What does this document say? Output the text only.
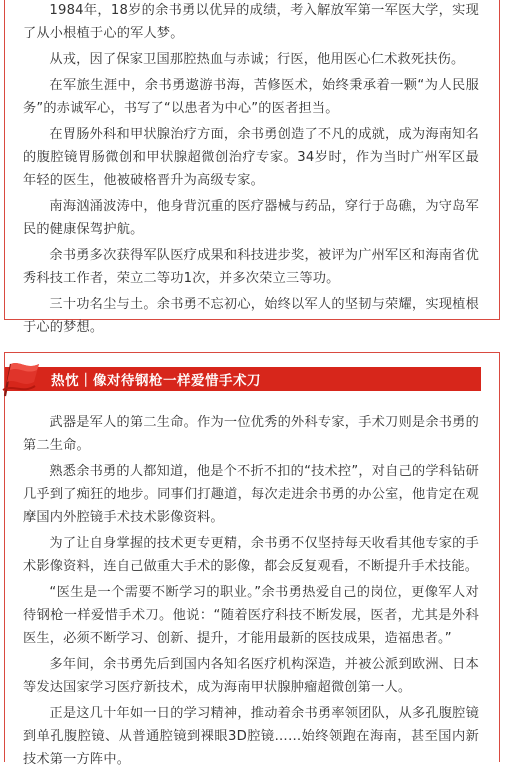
1984年，18岁的余书勇以优异的成绩，考入解放军第一军医大学，实现了从小根植于心的军人梦。

从戎，因了保家卫国那腔热血与赤诚；行医，他用医心仁术救死扶伤。

在军旅生涯中，余书勇遨游书海，苦修医术，始终秉承着一颗“为人民服务”的赤诚军心，书写了“以患者为中心”的医者担当。

在胃肠外科和甲状腺治疗方面，余书勇创造了不凡的成就，成为海南知名的腹腔镜胃肠微创和甲状腺超微创治疗专家。34岁时，作为当时广州军区最年轻的医生，他被破格晋升为高级专家。

南海汹涌波涛中，他身背沉重的医疗器械与药品，穿行于岛礁，为守岛军民的健康保驾护航。

余书勇多次获得军队医疗成果和科技进步奖，被评为广州军区和海南省优秀科技工作者，荣立二等功1次，并多次荣立三等功。

三十功名尘与土。余书勇不忘初心，始终以军人的坚韧与荣耀，实现植根于心的梦想。

热忱｜像对待钢枪一样爱惜手术刀

武器是军人的第二生命。作为一位优秀的外科专家，手术刀则是余书勇的第二生命。

熟悉余书勇的人都知道，他是个不折不扣的“技术控”，对自己的学科钻研几乎到了痴狂的地步。同事们打趣道，每次走进余书勇的办公室，他肯定在观摩国内外腔镜手术技术影像资料。

为了让自身掌握的技术更专更精，余书勇不仅坚持每天收看其他专家的手术影像资料，连自己做重大手术的影像，都会反复观看，不断提升手术技能。

“医生是一个需要不断学习的职业。”余书勇热爱自己的岗位，更像军人对待钢枪一样爱惜手术刀。他说：“随着医疗科技不断发展，医者，尤其是外科医生，必须不断学习、创新、提升，才能用最新的医技成果，造福患者。”

多年间，余书勇先后到国内各知名医疗机构深造，并被公派到欧洲、日本等发达国家学习医疗新技术，成为海南甲状腺肿瘤超微创第一人。

正是这几十年如一日的学习精神，推动着余书勇率领团队，从多孔腹腔镜到单孔腹腔镜、从普通腔镜到裸眼3D腔镜……始终领跑在海南，甚至国内新技术第一方阵中。
